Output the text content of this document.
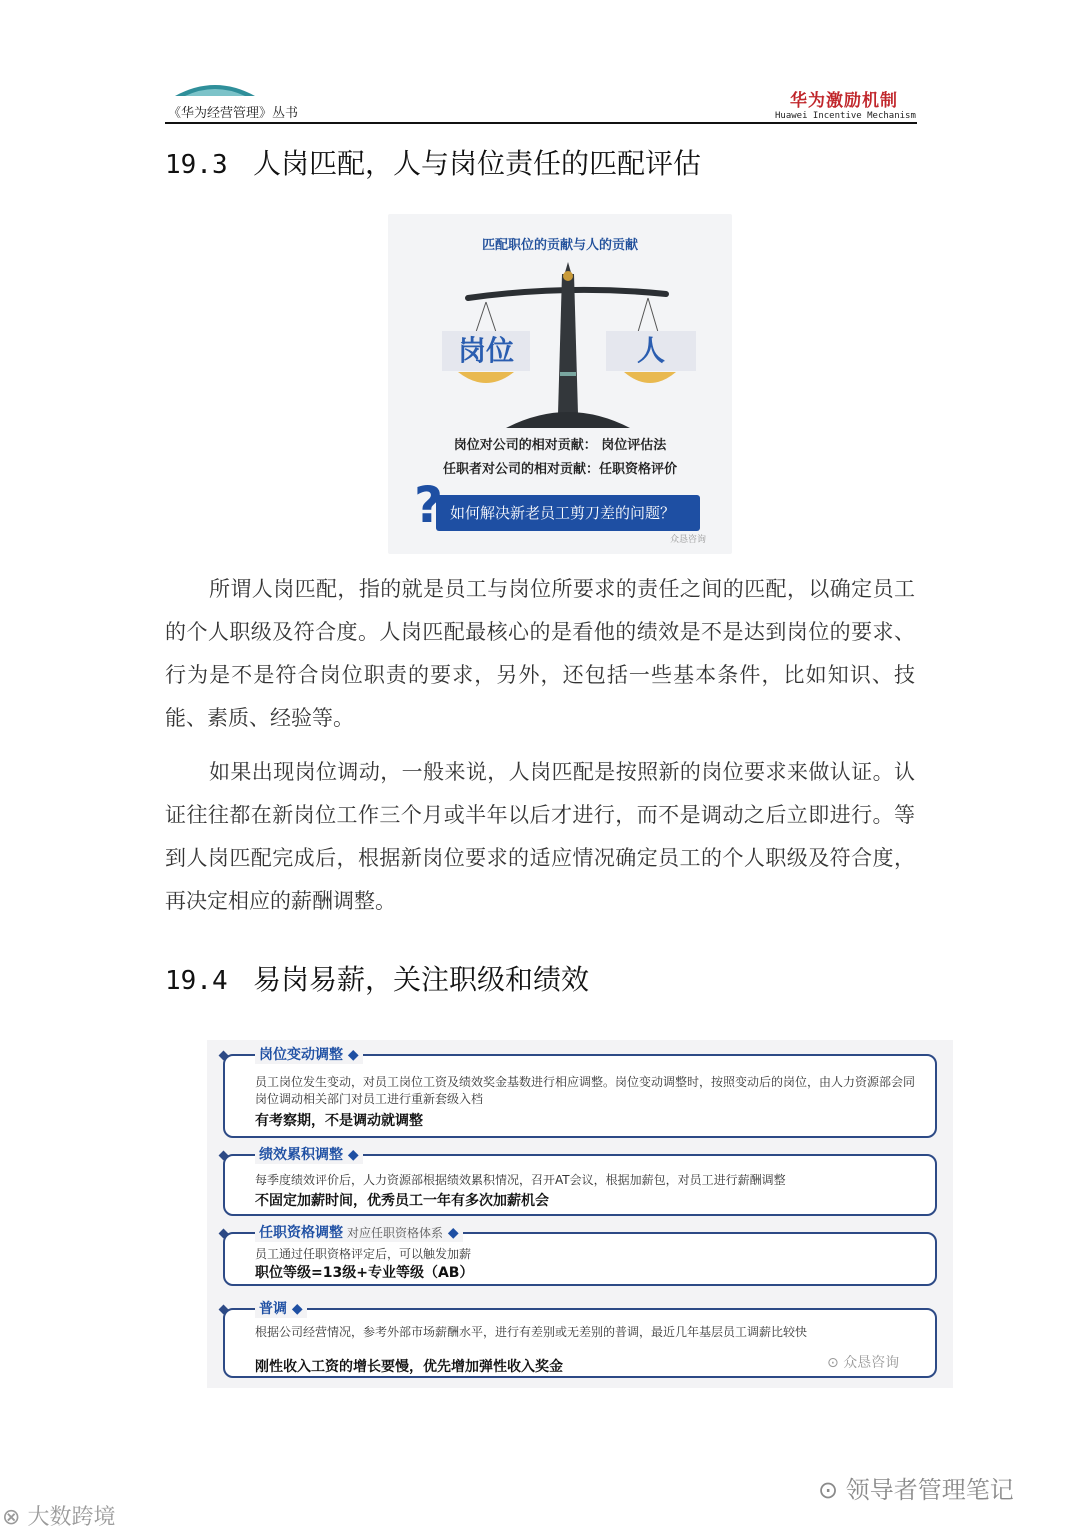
《华为经营管理》丛书
华为激励机制
Huawei Incentive Mechanism
19.3 人岗匹配，人与岗位责任的匹配评估
匹配职位的贡献与人的贡献
岗位	人
岗位对公司的相对贡献： 岗位评估法
任职者对公司的相对贡献：任职资格评价
如何解决新老员工剪刀差的问题？
?
众恳咨询
所谓人岗匹配，指的就是员工与岗位所要求的责任之间的匹配，以确定员工的个人职级及符合度。人岗匹配最核心的是看他的绩效是不是达到岗位的要求、行为是不是符合岗位职责的要求，另外，还包括一些基本条件，比如知识、技能、素质、经验等。
如果出现岗位调动，一般来说，人岗匹配是按照新的岗位要求来做认证。认证往往都在新岗位工作三个月或半年以后才进行，而不是调动之后立即进行。等到人岗匹配完成后，根据新岗位要求的适应情况确定员工的个人职级及符合度，再决定相应的薪酬调整。
19.4 易岗易薪，关注职级和绩效
岗位变动调整 ◆
员工岗位发生变动，对员工岗位工资及绩效奖金基数进行相应调整。岗位变动调整时，按照变动后的岗位，由人力资源部会同岗位调动相关部门对员工进行重新套级入档
有考察期，不是调动就调整
绩效累积调整 ◆
每季度绩效评价后，人力资源部根据绩效累积情况，召开AT会议，根据加薪包，对员工进行薪酬调整
不固定加薪时间，优秀员工一年有多次加薪机会
任职资格调整 对应任职资格体系 ◆
员工通过任职资格评定后，可以触发加薪
职位等级=13级+专业等级（AB）
普调 ◆
根据公司经营情况，参考外部市场薪酬水平，进行有差别或无差别的普调，最近几年基层员工调薪比较快
刚性收入工资的增长要慢，优先增加弹性收入奖金	⊙ 众恳咨询
⊙ 领导者管理笔记
⊗ 大数跨境
